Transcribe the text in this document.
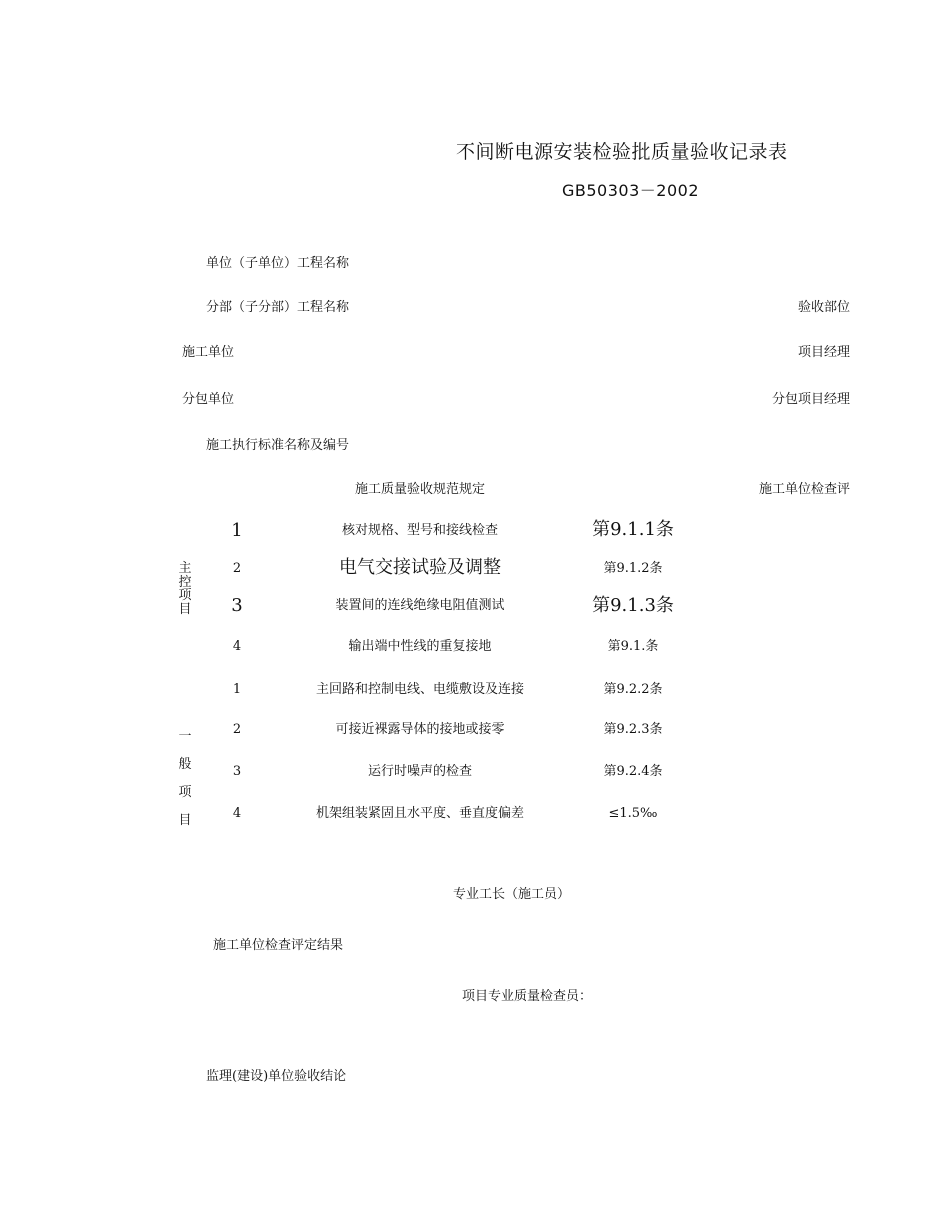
不间断电源安装检验批质量验收记录表
GB50303－2002
单位（子单位）工程名称
分部（子分部）工程名称	验收部位
施工单位	项目经理
分包单位	分包项目经理
施工执行标准名称及编号
施工质量验收规范规定	施工单位检查评
主控项目
1	核对规格、型号和接线检查	第9.1.1条
2	电气交接试验及调整	第9.1.2条
3	装置间的连线绝缘电阻值测试	第9.1.3条
4	输出端中性线的重复接地	第9.1.条
一般项目
1	主回路和控制电线、电缆敷设及连接	第9.2.2条
2	可接近裸露导体的接地或接零	第9.2.3条
3	运行时噪声的检查	第9.2.4条
4	机架组装紧固且水平度、垂直度偏差	≤1.5‰
专业工长（施工员）
施工单位检查评定结果
项目专业质量检查员：
监理(建设)单位验收结论
